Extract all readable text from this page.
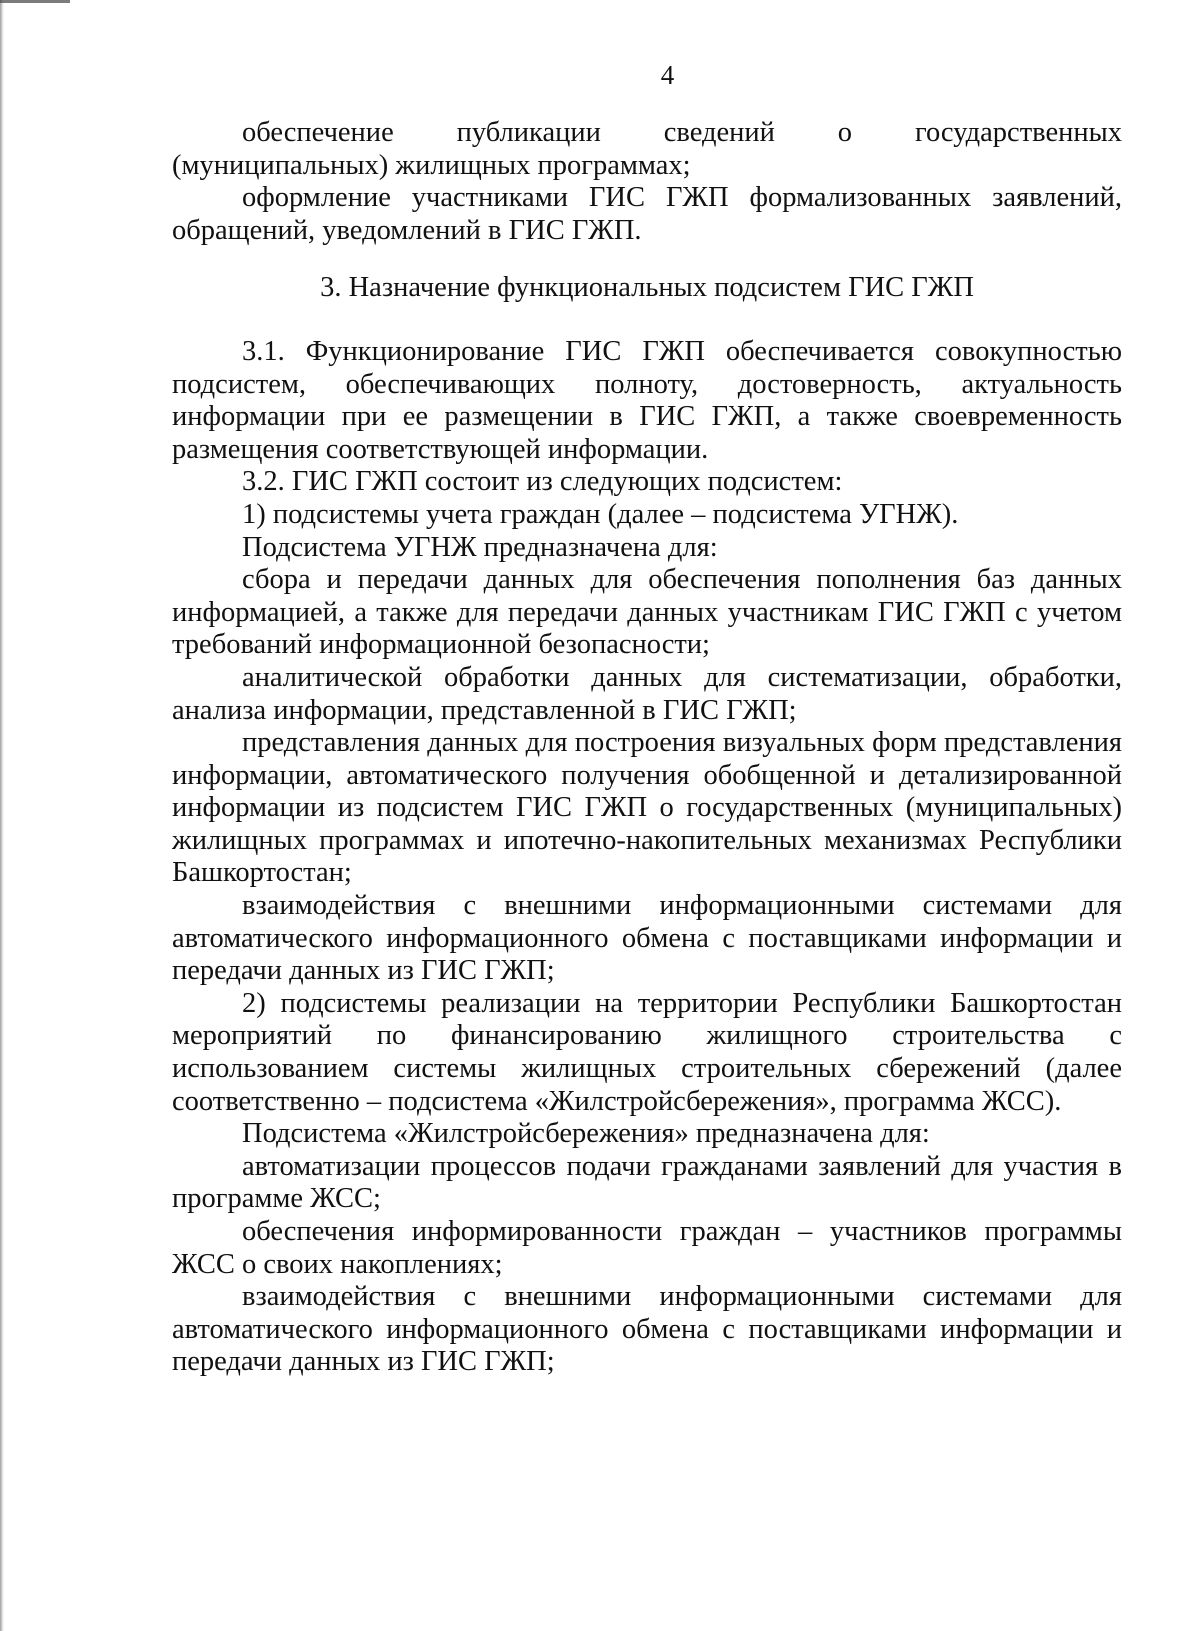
4

обеспечение публикации сведений о государственных (муниципальных) жилищных программах;

оформление участниками ГИС ГЖП формализованных заявлений, обращений, уведомлений в ГИС ГЖП.

3. Назначение функциональных подсистем ГИС ГЖП

3.1. Функционирование ГИС ГЖП обеспечивается совокупностью подсистем, обеспечивающих полноту, достоверность, актуальность информации при ее размещении в ГИС ГЖП, а также своевременность размещения соответствующей информации.

3.2. ГИС ГЖП состоит из следующих подсистем:

1) подсистемы учета граждан (далее – подсистема УГНЖ).

Подсистема УГНЖ предназначена для:

сбора и передачи данных для обеспечения пополнения баз данных информацией, а также для передачи данных участникам ГИС ГЖП с учетом требований информационной безопасности;

аналитической обработки данных для систематизации, обработки, анализа информации, представленной в ГИС ГЖП;

представления данных для построения визуальных форм представления информации, автоматического получения обобщенной и детализированной информации из подсистем ГИС ГЖП о государственных (муниципальных) жилищных программах и ипотечно-накопительных механизмах Республики Башкортостан;

взаимодействия с внешними информационными системами для автоматического информационного обмена с поставщиками информации и передачи данных из ГИС ГЖП;

2) подсистемы реализации на территории Республики Башкортостан мероприятий по финансированию жилищного строительства с использованием системы жилищных строительных сбережений (далее соответственно – подсистема «Жилстройсбережения», программа ЖСС).

Подсистема «Жилстройсбережения» предназначена для:

автоматизации процессов подачи гражданами заявлений для участия в программе ЖСС;

обеспечения информированности граждан – участников программы ЖСС о своих накоплениях;

взаимодействия с внешними информационными системами для автоматического информационного обмена с поставщиками информации и передачи данных из ГИС ГЖП;
